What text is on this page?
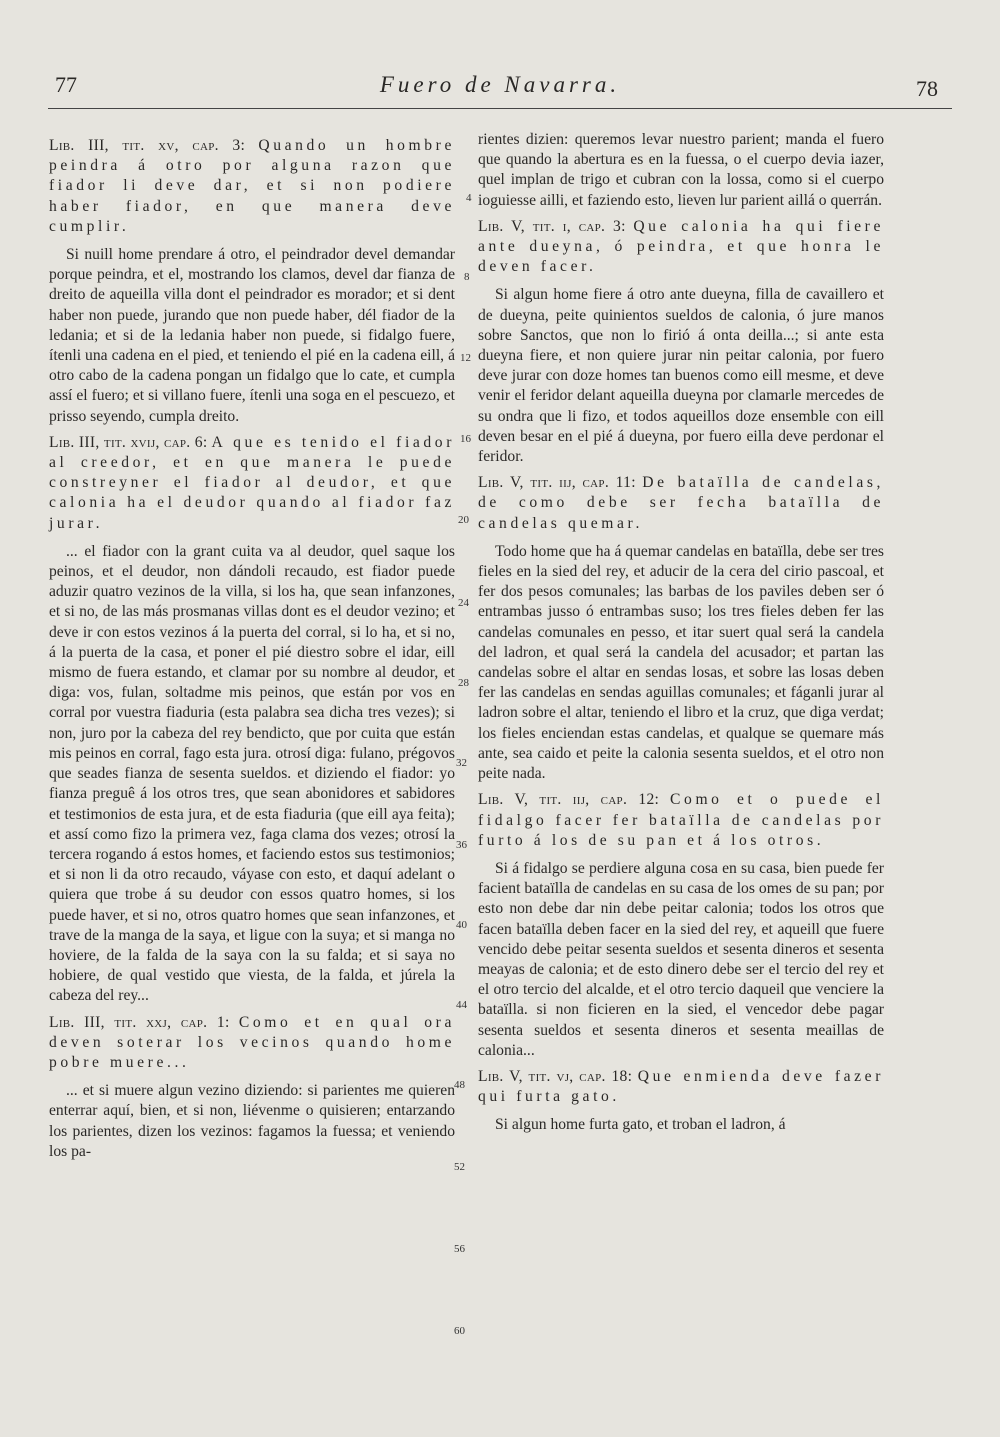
77	Fuero de Navarra.	78
Lib. III, tit. xv, cap. 3: Quando un hombre peindra á otro por alguna razon que fiador li deve dar, et si non podiere haber fiador, en que manera deve cumplir.

Si nuill home prendare á otro, el peindrador devel demandar porque peindra, et el, mostrando los clamos, devel dar fianza de dreito de aqueilla villa dont el peindrador es morador; et si dent haber non puede, jurando que non puede haber, dél fiador de la ledania; et si de la ledania haber non puede, si fidalgo fuere, ítenli una cadena en el pied, et teniendo el pié en la cadena eill, á otro cabo de la cadena pongan un fidalgo que lo cate, et cumpla assí el fuero; et si villano fuere, ítenli una soga en el pescuezo, et prisso seyendo, cumpla dreito.

Lib. III, tit. xvij, cap. 6: A que es tenido el fiador al creedor, et en que manera le puede constreyner el fiador al deudor, et que calonia ha el deudor quando al fiador faz jurar.

... el fiador con la grant cuita va al deudor, quel saque los peinos, et el deudor, non dándoli recaudo, est fiador puede aduzir quatro vezinos de la villa, si los ha, que sean infanzones, et si no, de las más prosmanas villas dont es el deudor vezino; et deve ir con estos vezinos á la puerta del corral, si lo ha, et si no, á la puerta de la casa, et poner el pié diestro sobre el idar, eill mismo de fuera estando, et clamar por su nombre al deudor, et diga: vos, fulan, soltadme mis peinos, que están por vos en corral por vuestra fiaduria (esta palabra sea dicha tres vezes); si non, juro por la cabeza del rey bendicto, que por cuita que están mis peinos en corral, fago esta jura. otrosí diga: fulano, prégovos que seades fianza de sesenta sueldos. et diziendo el fiador: yo fianza preguê á los otros tres, que sean abonidores et sabidores et testimonios de esta jura, et de esta fiaduria (que eill aya feita); et assí como fizo la primera vez, faga clama dos vezes; otrosí la tercera rogando á estos homes, et faciendo estos sus testimonios; et si non li da otro recaudo, váyase con esto, et daquí adelant o quiera que trobe á su deudor con essos quatro homes, si los puede haver, et si no, otros quatro homes que sean infanzones, et trave de la manga de la saya, et ligue con la suya; et si manga no hoviere, de la falda de la saya con la su falda; et si saya no hobiere, de qual vestido que viesta, de la falda, et júrela la cabeza del rey...

Lib. III, tit. xxj, cap. 1: Como et en qual ora deven soterar los vecinos quando home pobre muere...

... et si muere algun vezino diziendo: si parientes me quieren enterrar aquí, bien, et si non, liévenme o quisieren; entarzando los parientes, dizen los vezinos: fagamos la fuessa; et veniendo los pa-

rientes dizien: queremos levar nuestro parient; manda el fuero que quando la abertura es en la fuessa, o el cuerpo devia iazer, quel implan de trigo et cubran con la lossa, como si el cuerpo ioguiesse ailli, et faziendo esto, lieven lur parient aillá o querrán.

Lib. V, tit. i, cap. 3: Que calonia ha qui fiere ante dueyna, ó peindra, et que honra le deven facer.

Si algun home fiere á otro ante dueyna, filla de cavaillero et de dueyna, peite quinientos sueldos de calonia, ó jure manos sobre Sanctos, que non lo firió á onta deilla...; si ante esta dueyna fiere, et non quiere jurar nin peitar calonia, por fuero deve jurar con doze homes tan buenos como eill mesme, et deve venir el feridor delant aqueilla dueyna por clamarle mercedes de su ondra que li fizo, et todos aqueillos doze ensemble con eill deven besar en el pié á dueyna, por fuero eilla deve perdonar el feridor.

Lib. V, tit. iij, cap. 11: De bataïlla de candelas, de como debe ser fecha bataïlla de candelas quemar.

Todo home que ha á quemar candelas en bataïlla, debe ser tres fieles en la sied del rey, et aducir de la cera del cirio pascoal, et fer dos pesos comunales; las barbas de los paviles deben ser ó entrambas jusso ó entrambas suso; los tres fieles deben fer las candelas comunales en pesso, et itar suert qual será la candela del ladron, et qual será la candela del acusador; et partan las candelas sobre el altar en sendas losas, et sobre las losas deben fer las candelas en sendas aguillas comunales; et fáganli jurar al ladron sobre el altar, teniendo el libro et la cruz, que diga verdat; los fieles enciendan estas candelas, et qualque se quemare más ante, sea caido et peite la calonia sesenta sueldos, et el otro non peite nada.

Lib. V, tit. iij, cap. 12: Como et o puede el fidalgo facer fer bataïlla de candelas por furto á los de su pan et á los otros.

Si á fidalgo se perdiere alguna cosa en su casa, bien puede fer facient bataïlla de candelas en su casa de los omes de su pan; por esto non debe dar nin debe peitar calonia; todos los otros que facen bataïlla deben facer en la sied del rey, et aqueill que fuere vencido debe peitar sesenta sueldos et sesenta dineros et sesenta meayas de calonia; et de esto dinero debe ser el tercio del rey et el otro tercio del alcalde, et el otro tercio daqueil que venciere la bataïlla. si non ficieren en la sied, el vencedor debe pagar sesenta sueldos et sesenta dineros et sesenta meaillas de calonia...

Lib. V, tit. vj, cap. 18: Que enmienda deve fazer qui furta gato.

Si algun home furta gato, et troban el ladron, á

4
8
12
16
20
24
28
32
36
40
44
48
52
56
60
